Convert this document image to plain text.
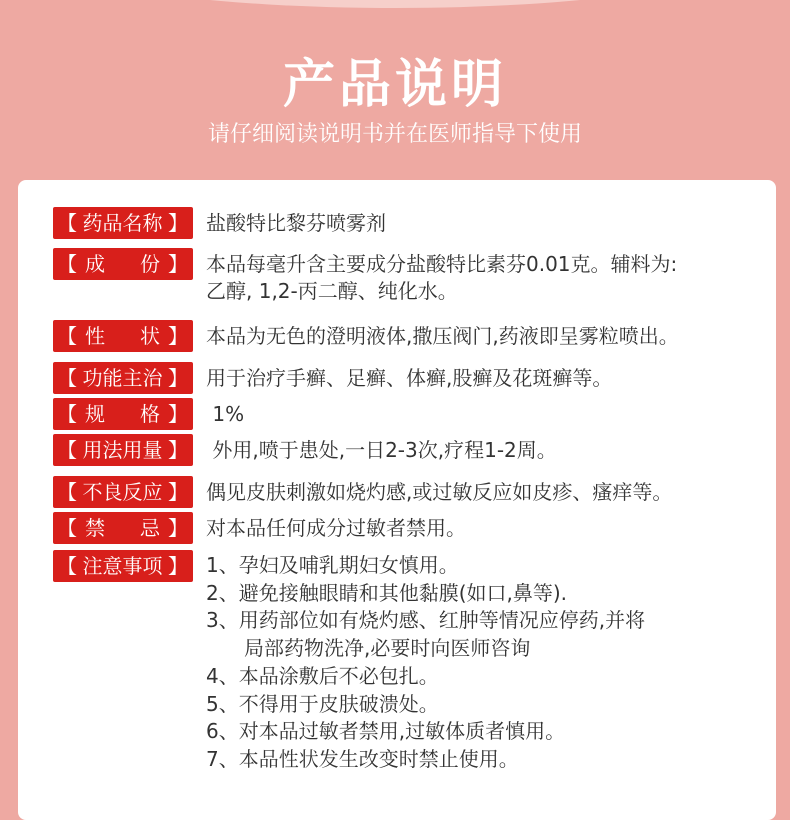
产品说明
请仔细阅读说明书并在医师指导下使用
【 药品名称 】 盐酸特比黎芬喷雾剂
【 成 份 】 本品每毫升含主要成分盐酸特比素芬0.01克。辅料为:
乙醇, 1,2-丙二醇、纯化水。
【 性 状 】 本品为无色的澄明液体,撒压阀门,药液即呈雾粒喷出。
【 功能主治 】 用于治疗手癣、足癣、体癣,股癣及花斑癣等。
【 规 格 】 1%
【 用法用量 】 外用,喷于患处,一日2-3次,疗程1-2周。
【 不良反应 】 偶见皮肤刺激如烧灼感,或过敏反应如皮疹、瘙痒等。
【 禁 忌 】 对本品任何成分过敏者禁用。
【 注意事项 】 1、孕妇及哺乳期妇女慎用。
2、避免接触眼睛和其他黏膜(如口,鼻等).
3、用药部位如有烧灼感、红肿等情况应停药,并将
局部药物洗净,必要时向医师咨询
4、本品涂敷后不必包扎。
5、不得用于皮肤破溃处。
6、对本品过敏者禁用,过敏体质者慎用。
7、本品性状发生改变时禁止使用。
